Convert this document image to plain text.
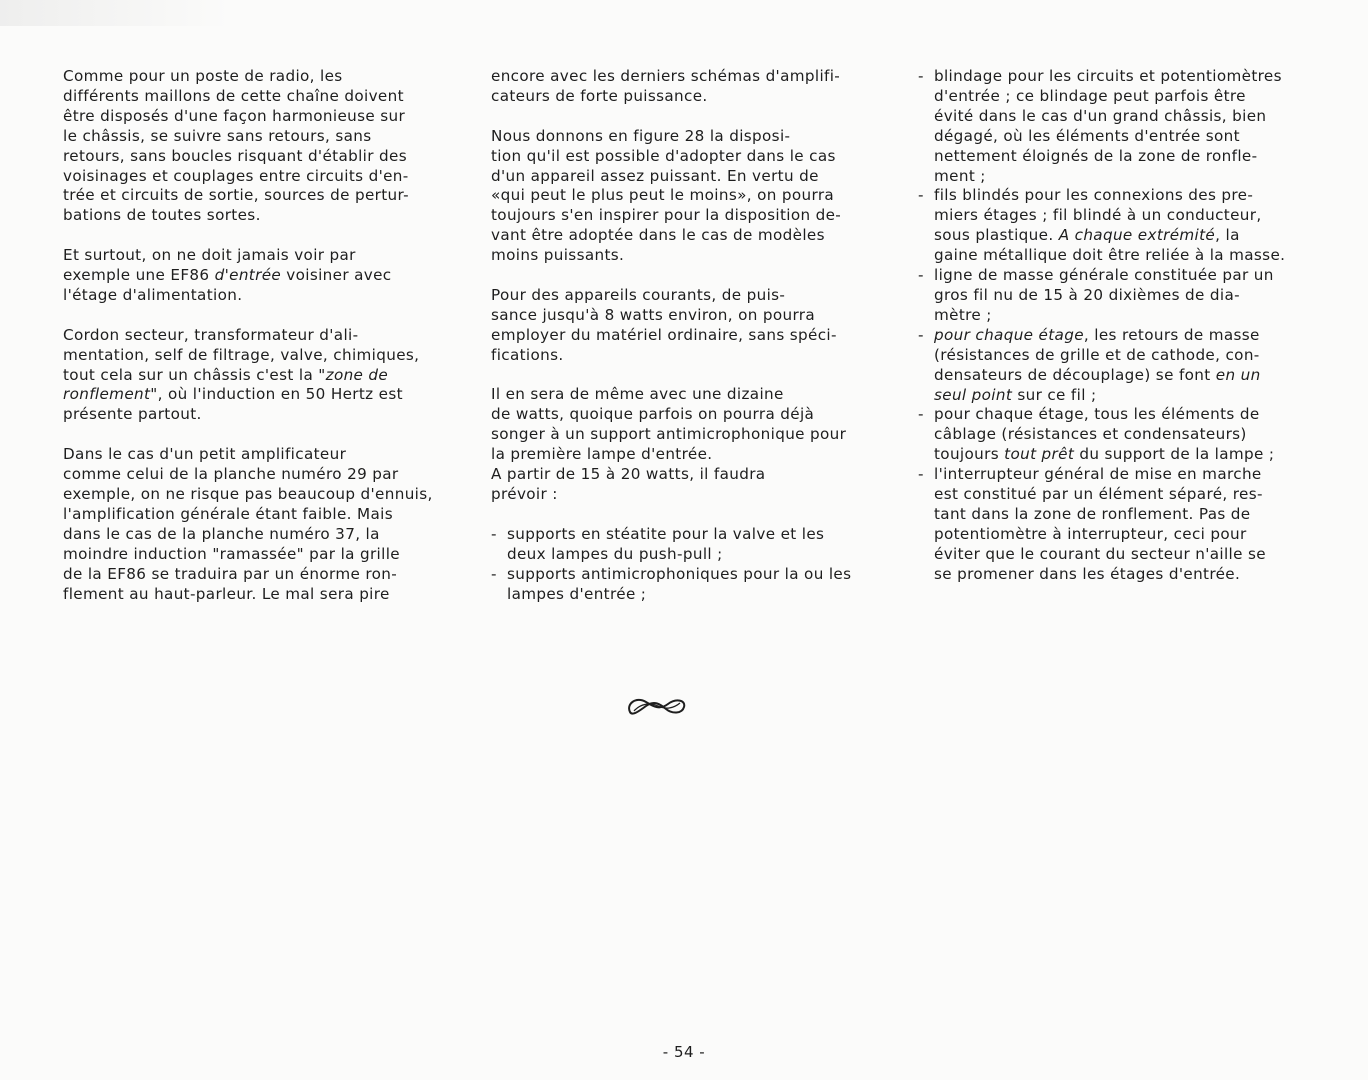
Comme pour un poste de radio, les
différents maillons de cette chaîne doivent
être disposés d'une façon harmonieuse sur
le châssis, se suivre sans retours, sans
retours, sans boucles risquant d'établir des
voisinages et couplages entre circuits d'en-
trée et circuits de sortie, sources de pertur-
bations de toutes sortes.

Et surtout, on ne doit jamais voir par
exemple une EF86 d'entrée voisiner avec
l'étage d'alimentation.

Cordon secteur, transformateur d'ali-
mentation, self de filtrage, valve, chimiques,
tout cela sur un châssis c'est la "zone de
ronflement", où l'induction en 50 Hertz est
présente partout.

Dans le cas d'un petit amplificateur
comme celui de la planche numéro 29 par
exemple, on ne risque pas beaucoup d'ennuis,
l'amplification générale étant faible. Mais
dans le cas de la planche numéro 37, la
moindre induction "ramassée" par la grille
de la EF86 se traduira par un énorme ron-
flement au haut-parleur. Le mal sera pire

encore avec les derniers schémas d'amplifi-
cateurs de forte puissance.

Nous donnons en figure 28 la disposi-
tion qu'il est possible d'adopter dans le cas
d'un appareil assez puissant. En vertu de
«qui peut le plus peut le moins», on pourra
toujours s'en inspirer pour la disposition de-
vant être adoptée dans le cas de modèles
moins puissants.

Pour des appareils courants, de puis-
sance jusqu'à 8 watts environ, on pourra
employer du matériel ordinaire, sans spéci-
fications.

Il en sera de même avec une dizaine
de watts, quoique parfois on pourra déjà
songer à un support antimicrophonique pour
la première lampe d'entrée.

A partir de 15 à 20 watts, il faudra
prévoir :

- supports en stéatite pour la valve et les
deux lampes du push-pull ;
- supports antimicrophoniques pour la ou les
lampes d'entrée ;
- blindage pour les circuits et potentiomètres
d'entrée ; ce blindage peut parfois être
évité dans le cas d'un grand châssis, bien
dégagé, où les éléments d'entrée sont
nettement éloignés de la zone de ronfle-
ment ;
- fils blindés pour les connexions des pre-
miers étages ; fil blindé à un conducteur,
sous plastique. A chaque extrémité, la
gaine métallique doit être reliée à la masse.
- ligne de masse générale constituée par un
gros fil nu de 15 à 20 dixièmes de dia-
mètre ;
- pour chaque étage, les retours de masse
(résistances de grille et de cathode, con-
densateurs de découplage) se font en un
seul point sur ce fil ;
- pour chaque étage, tous les éléments de
câblage (résistances et condensateurs)
toujours tout prêt du support de la lampe ;
- l'interrupteur général de mise en marche
est constitué par un élément séparé, res-
tant dans la zone de ronflement. Pas de
potentiomètre à interrupteur, ceci pour
éviter que le courant du secteur n'aille se
se promener dans les étages d'entrée.
- 54 -
